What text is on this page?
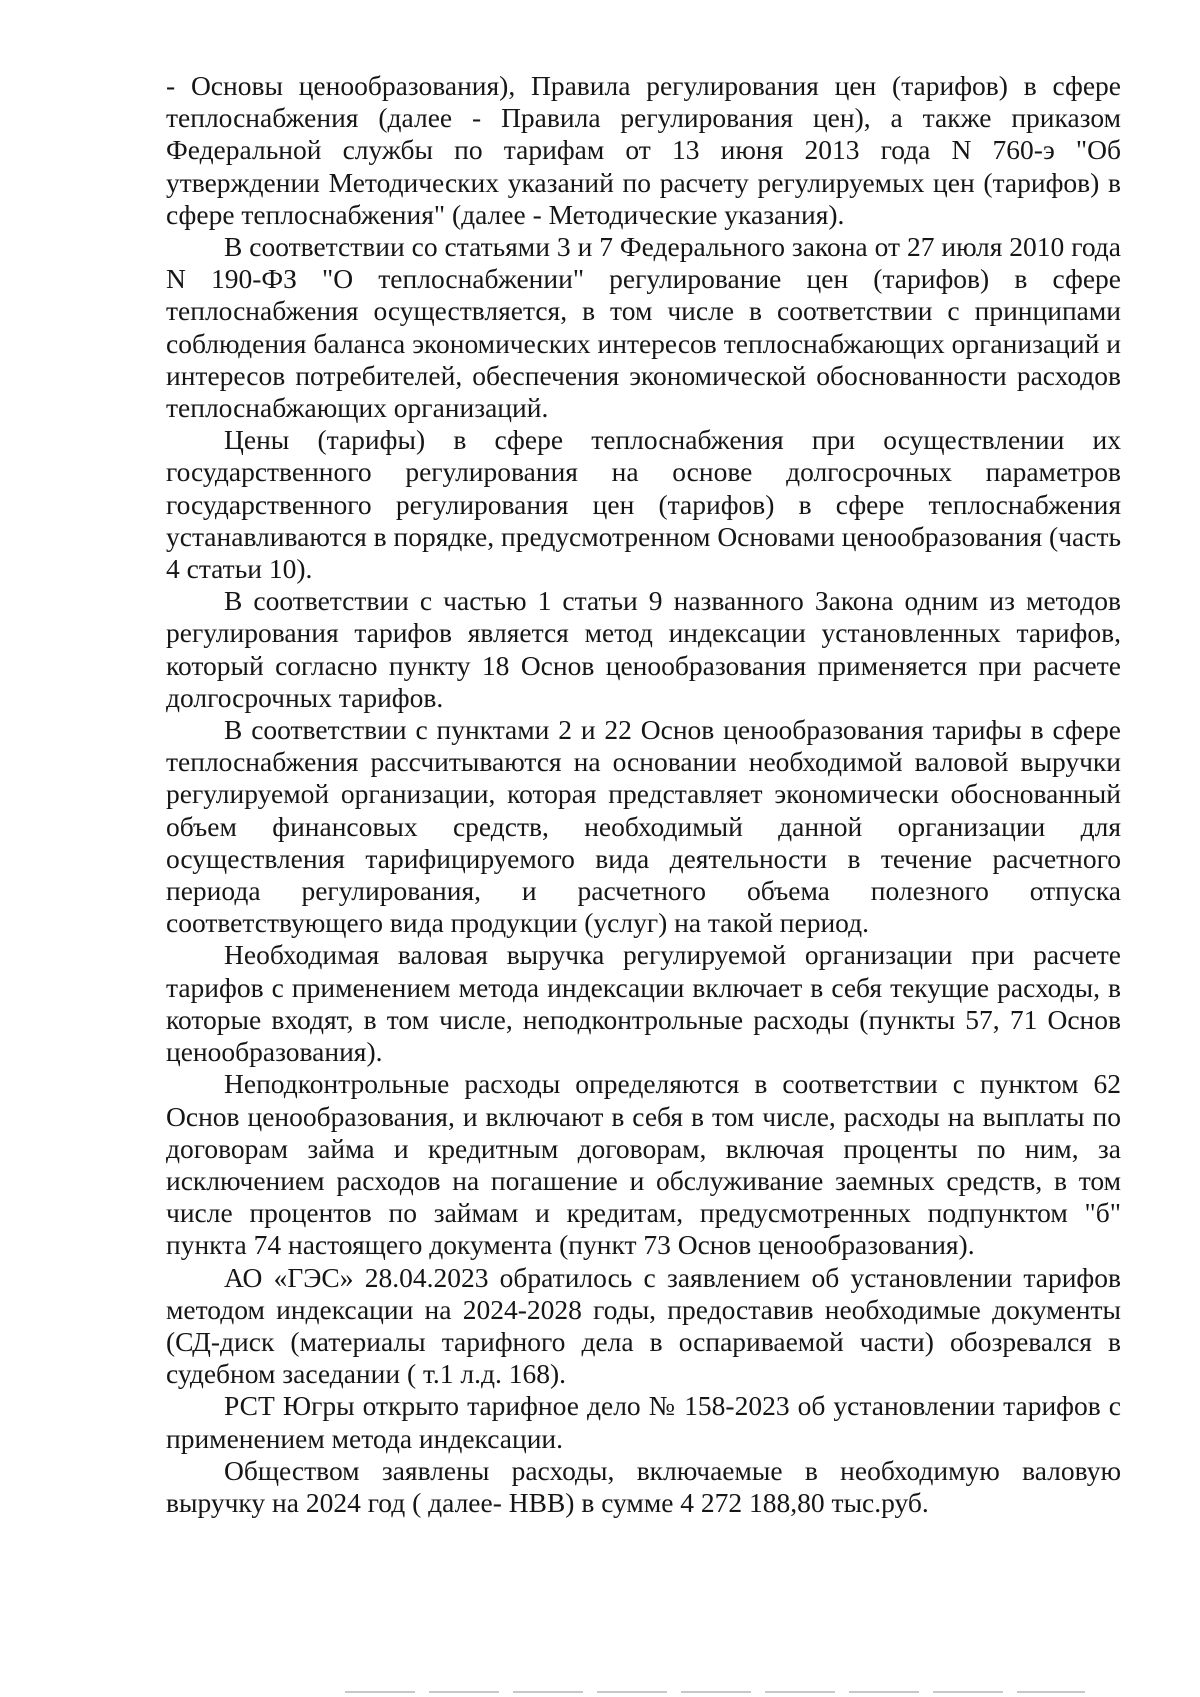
- Основы ценообразования), Правила регулирования цен (тарифов) в сфере теплоснабжения (далее - Правила регулирования цен), а также приказом Федеральной службы по тарифам от 13 июня 2013 года N 760-э "Об утверждении Методических указаний по расчету регулируемых цен (тарифов) в сфере теплоснабжения" (далее - Методические указания).

В соответствии со статьями 3 и 7 Федерального закона от 27 июля 2010 года N 190-ФЗ "О теплоснабжении" регулирование цен (тарифов) в сфере теплоснабжения осуществляется, в том числе в соответствии с принципами соблюдения баланса экономических интересов теплоснабжающих организаций и интересов потребителей, обеспечения экономической обоснованности расходов теплоснабжающих организаций.

Цены (тарифы) в сфере теплоснабжения при осуществлении их государственного регулирования на основе долгосрочных параметров государственного регулирования цен (тарифов) в сфере теплоснабжения устанавливаются в порядке, предусмотренном Основами ценообразования (часть 4 статьи 10).

В соответствии с частью 1 статьи 9 названного Закона одним из методов регулирования тарифов является метод индексации установленных тарифов, который согласно пункту 18 Основ ценообразования применяется при расчете долгосрочных тарифов.

В соответствии с пунктами 2 и 22 Основ ценообразования тарифы в сфере теплоснабжения рассчитываются на основании необходимой валовой выручки регулируемой организации, которая представляет экономически обоснованный объем финансовых средств, необходимый данной организации для осуществления тарифицируемого вида деятельности в течение расчетного периода регулирования, и расчетного объема полезного отпуска соответствующего вида продукции (услуг) на такой период.

Необходимая валовая выручка регулируемой организации при расчете тарифов с применением метода индексации включает в себя текущие расходы, в которые входят, в том числе, неподконтрольные расходы (пункты 57, 71 Основ ценообразования).

Неподконтрольные расходы определяются в соответствии с пунктом 62 Основ ценообразования, и включают в себя в том числе, расходы на выплаты по договорам займа и кредитным договорам, включая проценты по ним, за исключением расходов на погашение и обслуживание заемных средств, в том числе процентов по займам и кредитам, предусмотренных подпунктом "б" пункта 74 настоящего документа (пункт 73 Основ ценообразования).

АО «ГЭС» 28.04.2023 обратилось с заявлением об установлении тарифов методом индексации на 2024-2028 годы, предоставив необходимые документы (СД-диск (материалы тарифного дела в оспариваемой части) обозревался в судебном заседании ( т.1 л.д. 168).

РСТ Югры открыто тарифное дело № 158-2023 об установлении тарифов с применением метода индексации.

Обществом заявлены расходы, включаемые в необходимую валовую выручку на 2024 год ( далее- НВВ) в сумме 4 272 188,80 тыс.руб.
